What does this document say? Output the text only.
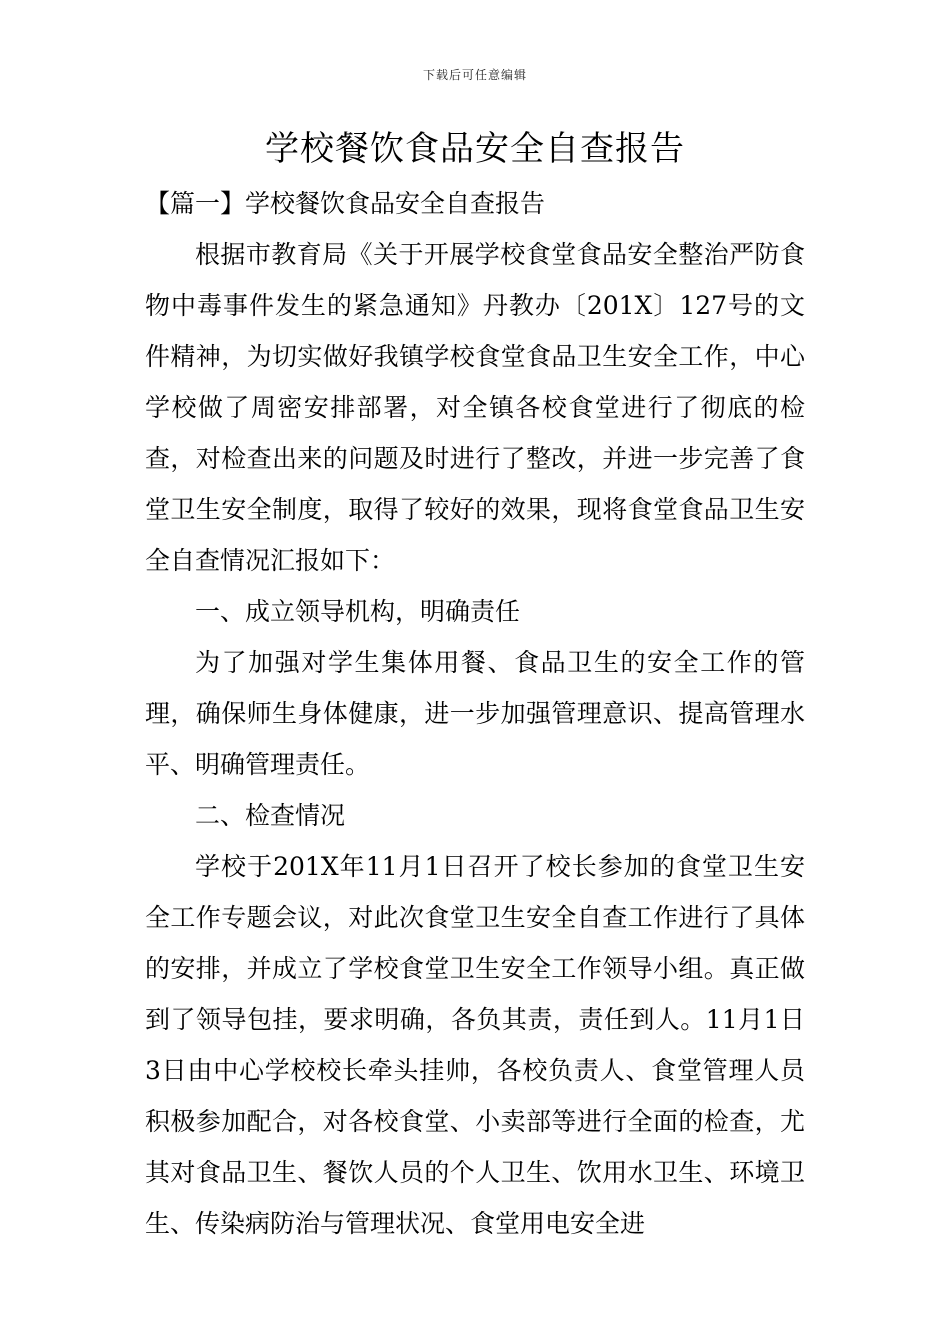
下载后可任意编辑
学校餐饮食品安全自查报告

【篇一】学校餐饮食品安全自查报告

根据市教育局《关于开展学校食堂食品安全整治严防食物中毒事件发生的紧急通知》丹教办〔201X〕127号的文件精神，为切实做好我镇学校食堂食品卫生安全工作，中心学校做了周密安排部署，对全镇各校食堂进行了彻底的检查，对检查出来的问题及时进行了整改，并进一步完善了食堂卫生安全制度，取得了较好的效果，现将食堂食品卫生安全自查情况汇报如下：

一、成立领导机构，明确责任

为了加强对学生集体用餐、食品卫生的安全工作的管理，确保师生身体健康，进一步加强管理意识、提高管理水平、明确管理责任。

二、检查情况

学校于201X年11月1日召开了校长参加的食堂卫生安全工作专题会议，对此次食堂卫生安全自查工作进行了具体的安排，并成立了学校食堂卫生安全工作领导小组。真正做到了领导包挂，要求明确，各负其责，责任到人。11月1日3日由中心学校校长牵头挂帅，各校负责人、食堂管理人员积极参加配合，对各校食堂、小卖部等进行全面的检查，尤其对食品卫生、餐饮人员的个人卫生、饮用水卫生、环境卫生、传染病防治与管理状况、食堂用电安全进
